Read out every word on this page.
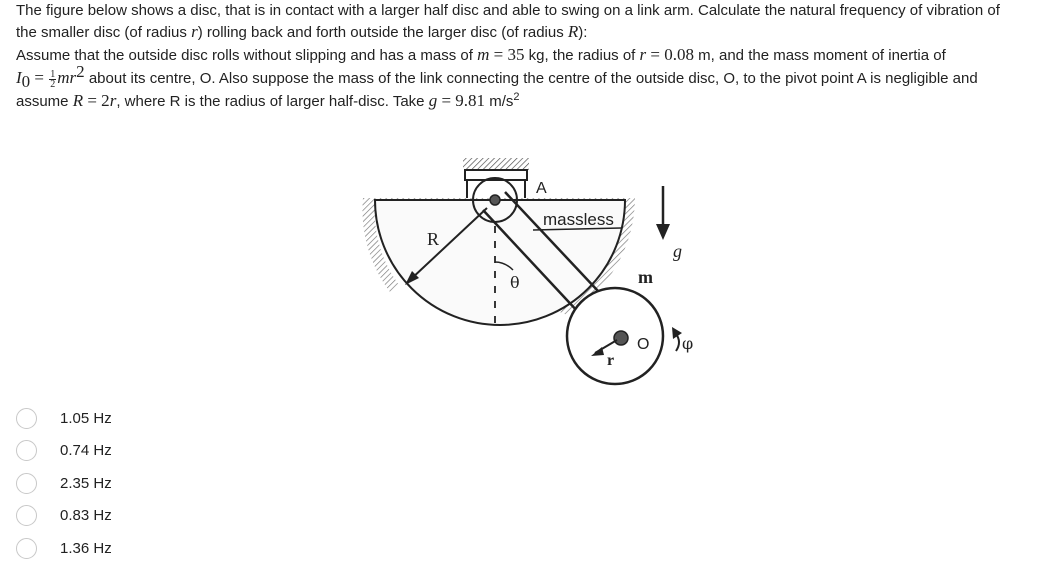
The figure below shows a disc, that is in contact with a larger half disc and able to swing on a link arm. Calculate the natural frequency of vibration of

the smaller disc (of radius r) rolling back and forth outside the larger disc (of radius R):

Assume that the outside disc rolls without slipping and has a mass of m = 35 kg, the radius of r = 0.08 m, and the mass moment of inertia of

$I_0 = \frac{1}{2} mr^2$ about its centre, O. Also suppose the mass of the link connecting the centre of the outside disc, O, to the pivot point A is negligible and

assume R = 2r, where R is the radius of larger half-disc. Take g = 9.81 $m/s^2$

A
massless
R
θ	m
g
O
r
φ
1.05 Hz
0.74 Hz
2.35 Hz
0.83 Hz
1.36 Hz
